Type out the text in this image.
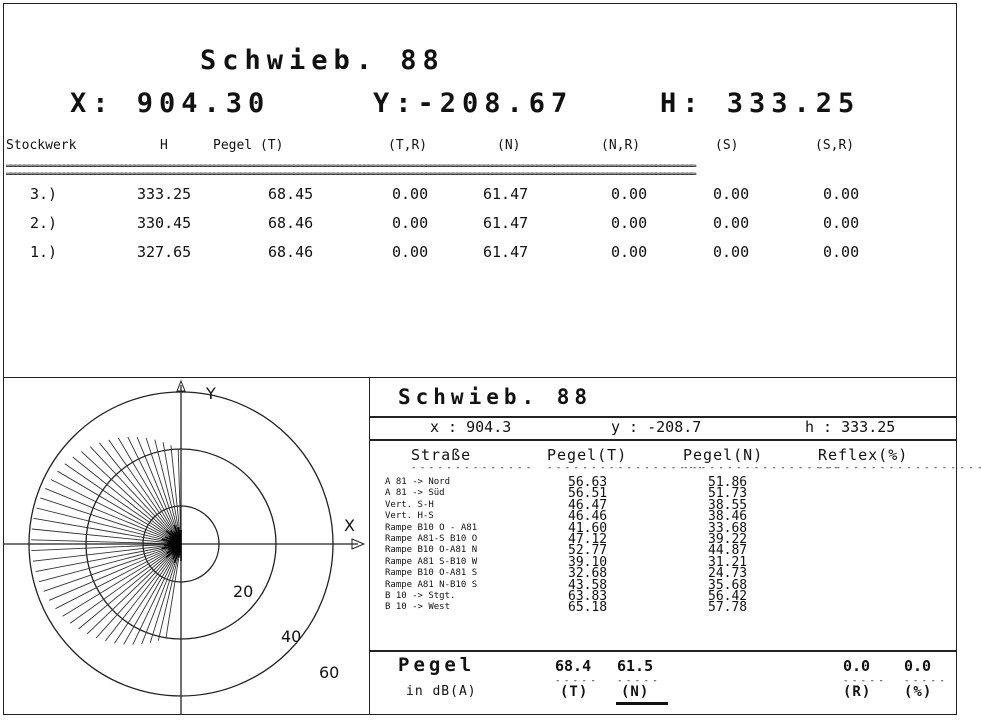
Schwieb. 88
X: 904.30	Y:-208.67	H: 333.25
Stockwerk	H	Pegel (T)	(T,R)	(N)	(N,R)	(S)	(S,R)
════════════════════════════════════════════════════════════════════════════════════════════════════════════════════════════════════════════════════════════
════════════════════════════════════════════════════════════════════════════════════════════════════════════════════════════════════════════════════════════
3.)	333.25	68.45	0.00	61.47	0.00	0.00	0.00
2.)	330.45	68.46	0.00	61.47	0.00	0.00	0.00
1.)	327.65	68.46	0.00	61.47	0.00	0.00	0.00
Y
X
20
40
60
Schwieb. 88
x : 904.3	y : -208.7	h : 333.25
Straße	Pegel(T)	Pegel(N)	Reflex(%)
- - - - - - - - - - - - - - - - - - - - - - - - - - - - - - - -
- - - - - - - - - - - - - - - - - -
- - - - - - - - - - - - - - - - - - -
A 81 -> Nord	56.63	51.86
A 81 -> Süd	56.51	51.73
Vert. S-H	46.47	38.55
Vert. H-S	46.46	38.46
Rampe B10 O - A81	41.60	33.68
Rampe A81-S B10 O	47.12	39.22
Rampe B10 O-A81 N	52.77	44.87
Rampe A81 S-B10 W	39.10	31.21
Rampe B10 O-A81 S	32.68	24.73
Rampe A81 N-B10 S	43.58	35.68
B 10 -> Stgt.	63.83	56.42
B 10 -> West	65.18	57.78
Pegel
in dB(A)
68.4 61.5	0.0 0.0
- - - - - - - - - -	- - - - - - - - - -
(T) (N)	(R) (%)
